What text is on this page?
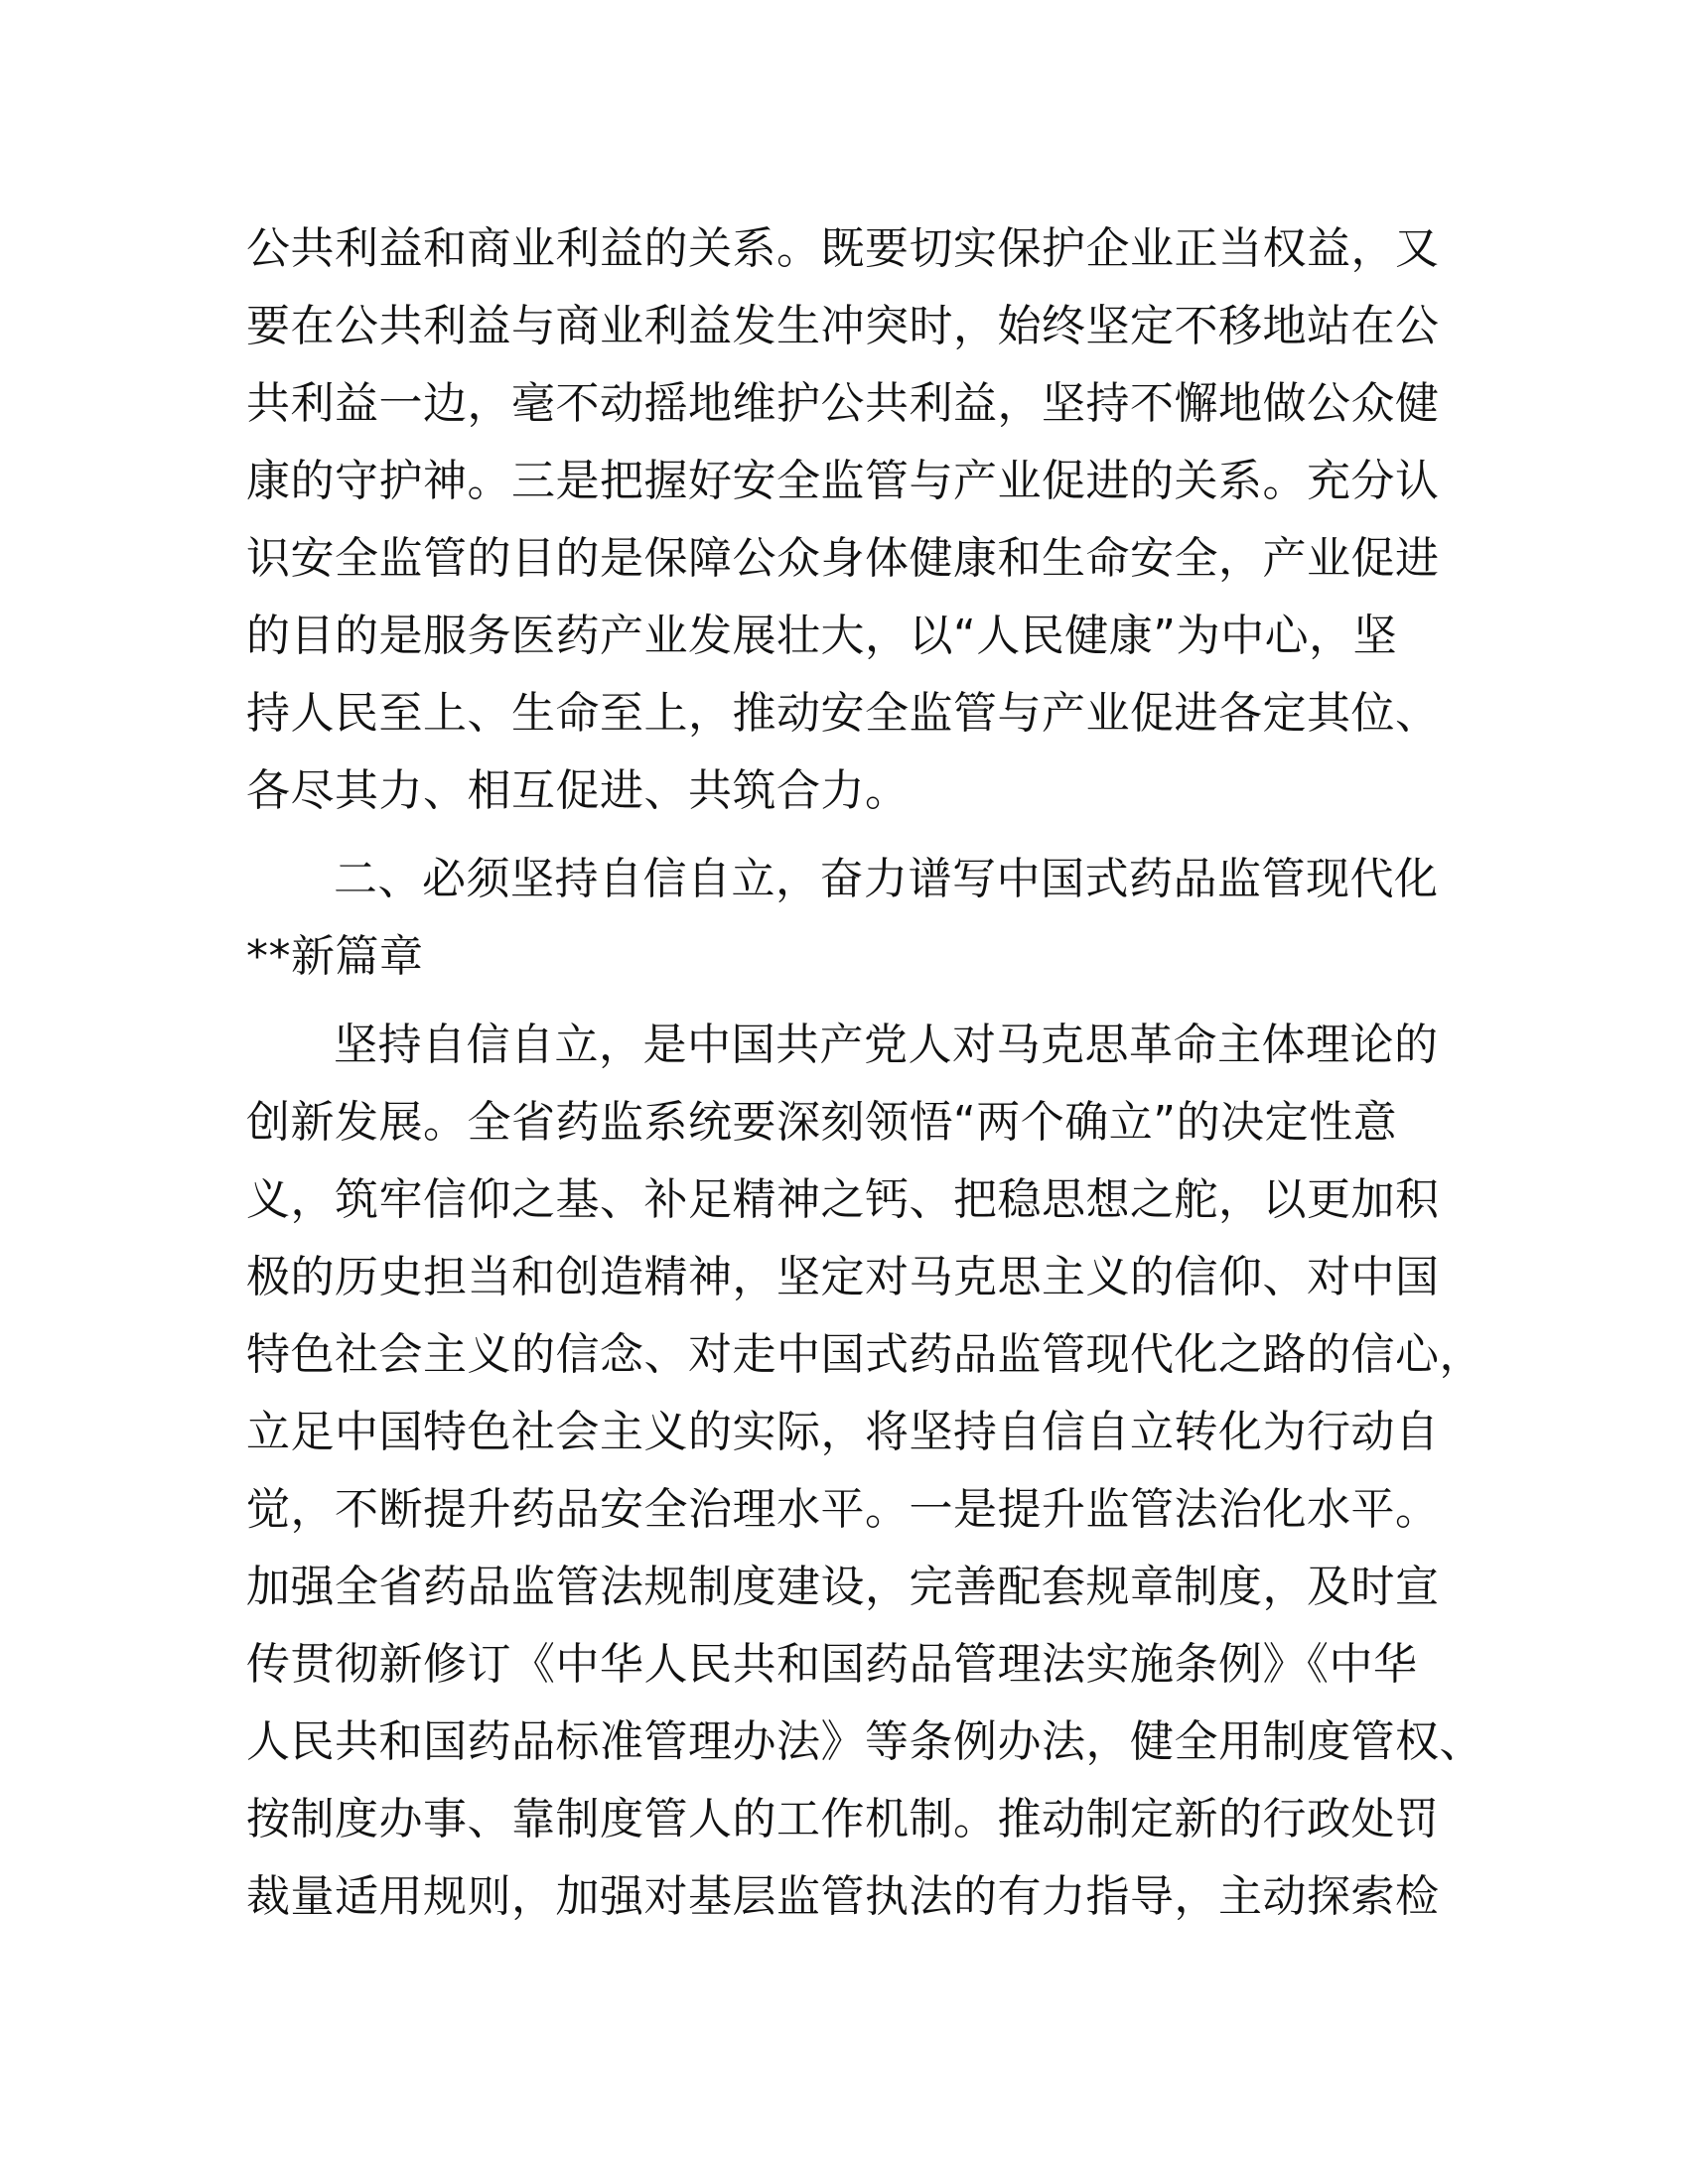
公共利益和商业利益的关系。既要切实保护企业正当权益，又
要在公共利益与商业利益发生冲突时，始终坚定不移地站在公
共利益一边，毫不动摇地维护公共利益，坚持不懈地做公众健
康的守护神。三是把握好安全监管与产业促进的关系。充分认
识安全监管的目的是保障公众身体健康和生命安全，产业促进
的目的是服务医药产业发展壮大，以“人民健康”为中心，坚
持人民至上、生命至上，推动安全监管与产业促进各定其位、
各尽其力、相互促进、共筑合力。
二、必须坚持自信自立，奋力谱写中国式药品监管现代化
**新篇章
坚持自信自立，是中国共产党人对马克思革命主体理论的
创新发展。全省药监系统要深刻领悟“两个确立”的决定性意
义，筑牢信仰之基、补足精神之钙、把稳思想之舵，以更加积
极的历史担当和创造精神，坚定对马克思主义的信仰、对中国
特色社会主义的信念、对走中国式药品监管现代化之路的信心，
立足中国特色社会主义的实际，将坚持自信自立转化为行动自
觉，不断提升药品安全治理水平。一是提升监管法治化水平。
加强全省药品监管法规制度建设，完善配套规章制度，及时宣
传贯彻新修订《中华人民共和国药品管理法实施条例》《中华
人民共和国药品标准管理办法》等条例办法，健全用制度管权、
按制度办事、靠制度管人的工作机制。推动制定新的行政处罚
裁量适用规则，加强对基层监管执法的有力指导，主动探索检
